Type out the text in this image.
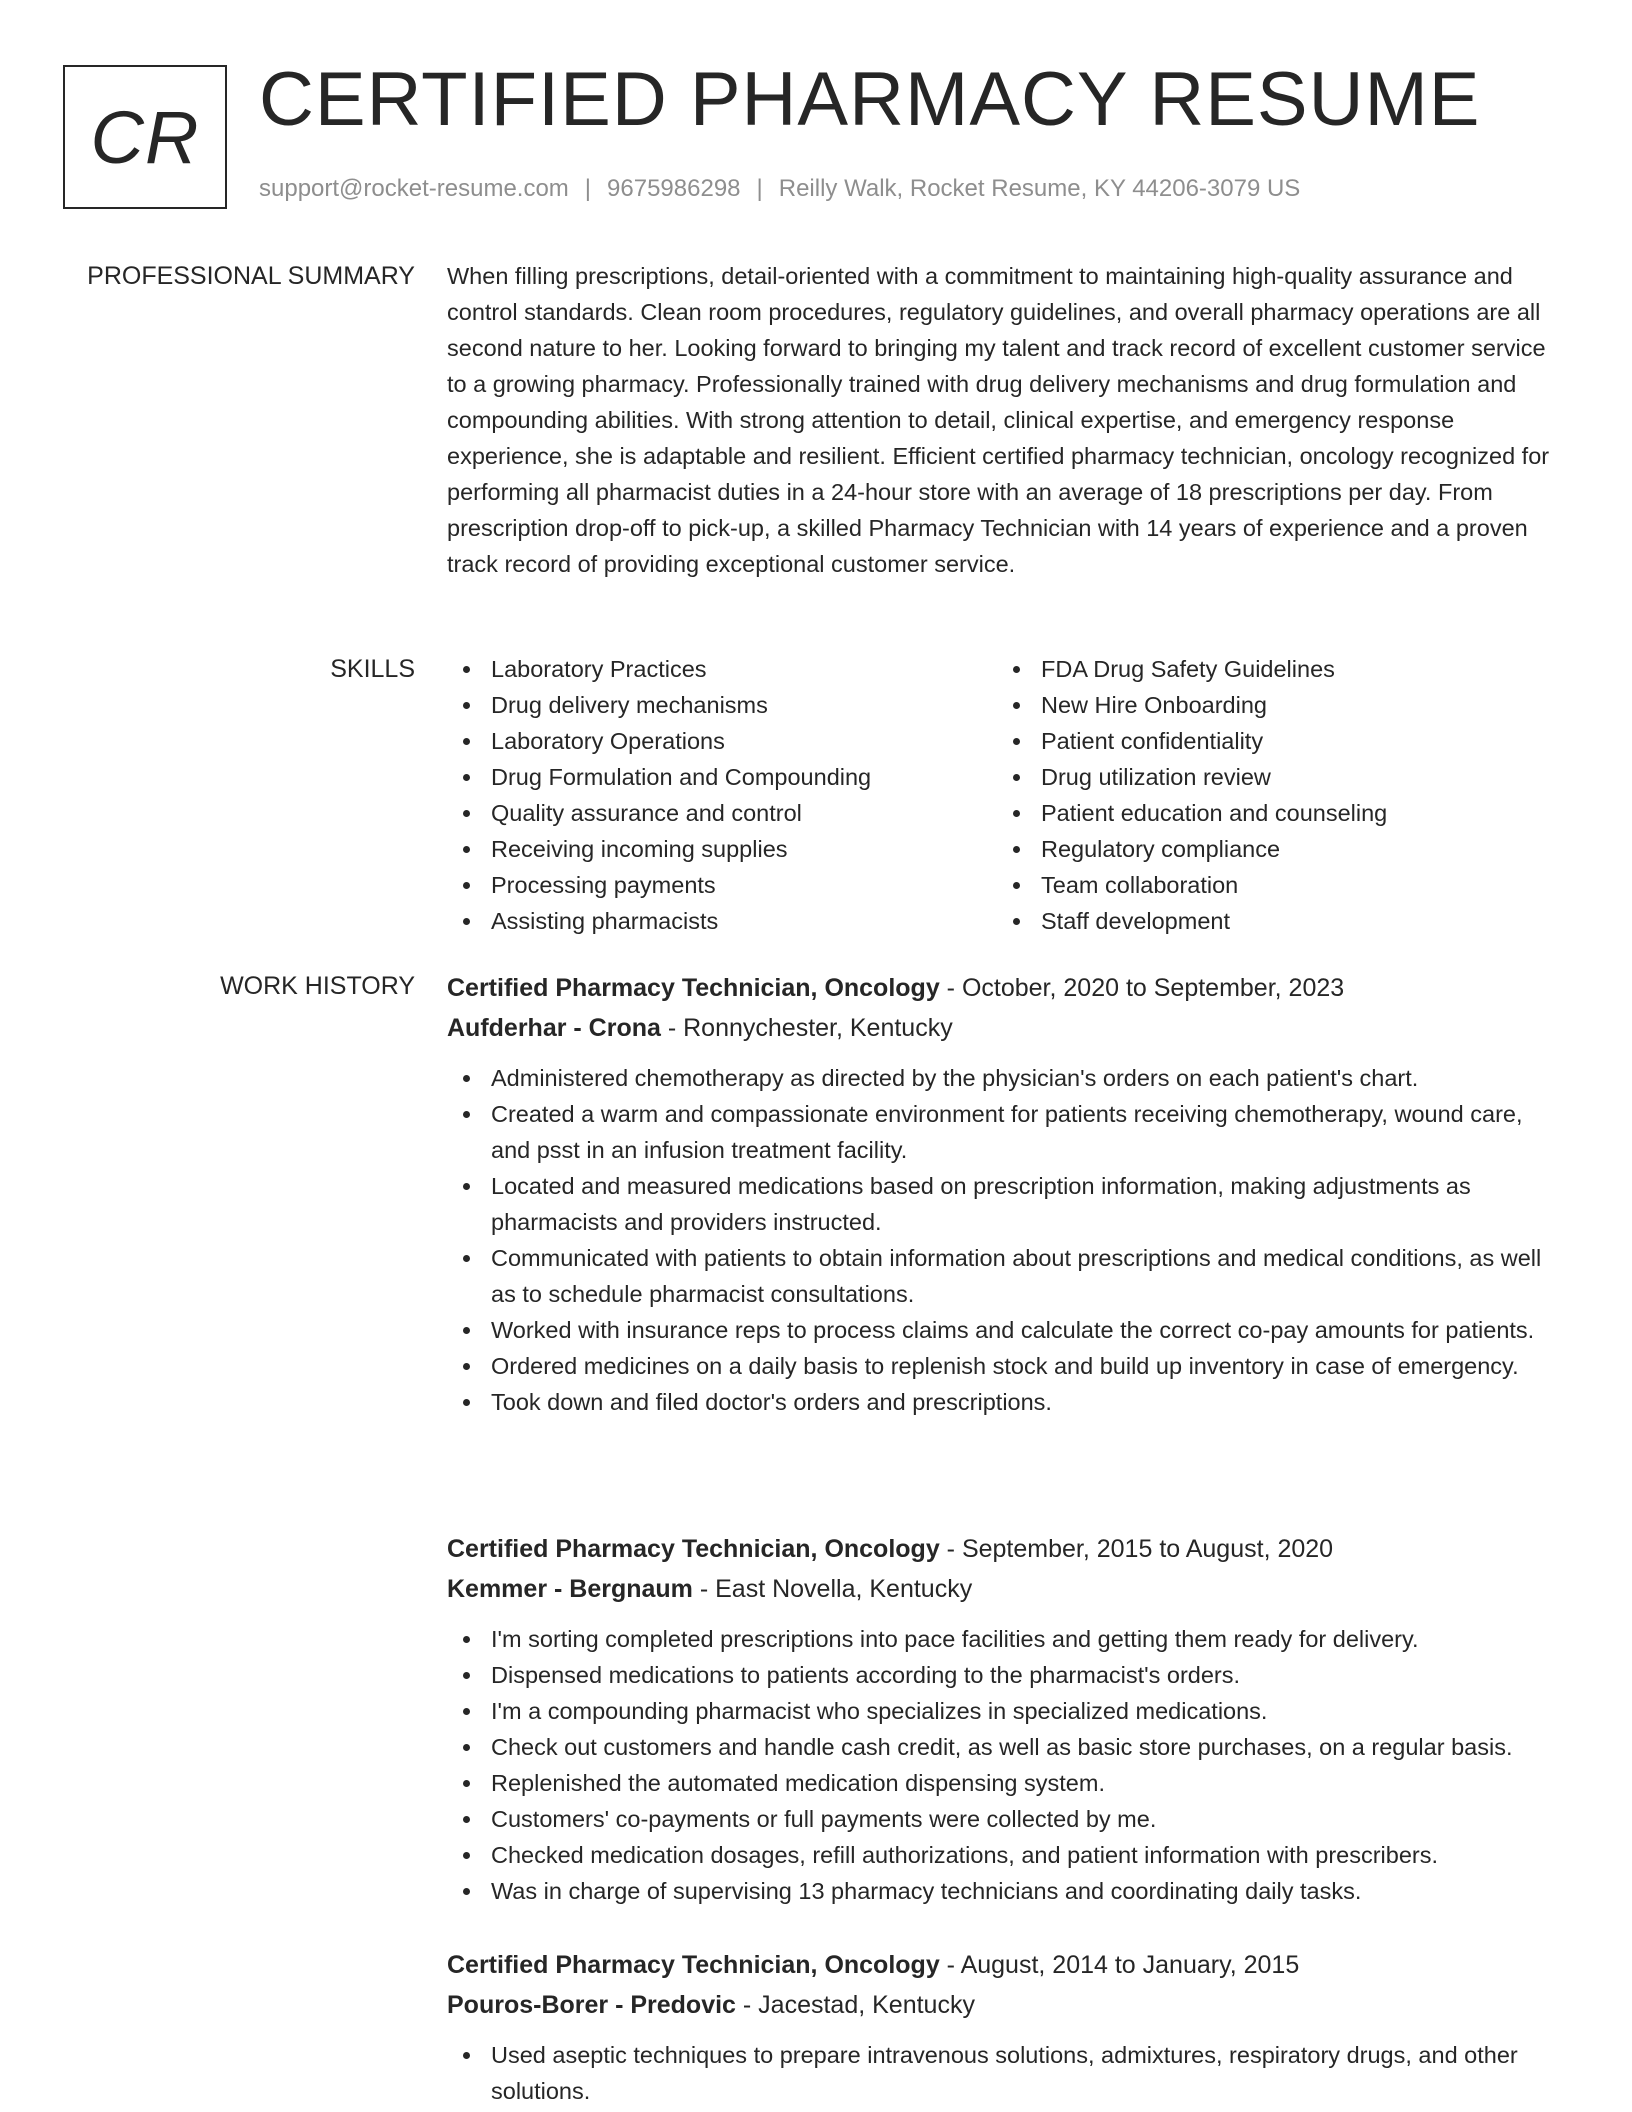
CR CERTIFIED PHARMACY RESUME
support@rocket-resume.com | 9675986298 | Reilly Walk, Rocket Resume, KY 44206-3079 US
PROFESSIONAL SUMMARY When filling prescriptions, detail-oriented with a commitment to maintaining high-quality assurance and control standards. Clean room procedures, regulatory guidelines, and overall pharmacy operations are all second nature to her. Looking forward to bringing my talent and track record of excellent customer service to a growing pharmacy. Professionally trained with drug delivery mechanisms and drug formulation and compounding abilities. With strong attention to detail, clinical expertise, and emergency response experience, she is adaptable and resilient. Efficient certified pharmacy technician, oncology recognized for performing all pharmacist duties in a 24-hour store with an average of 18 prescriptions per day. From prescription drop-off to pick-up, a skilled Pharmacy Technician with 14 years of experience and a proven track record of providing exceptional customer service.

SKILLS	Laboratory Practices
Drug delivery mechanisms
Laboratory Operations
Drug Formulation and Compounding
Quality assurance and control
Receiving incoming supplies
Processing payments
Assisting pharmacists
FDA Drug Safety Guidelines
New Hire Onboarding
Patient confidentiality
Drug utilization review
Patient education and counseling
Regulatory compliance
Team collaboration
Staff development
WORK HISTORY Certified Pharmacy Technician, Oncology - October, 2020 to September, 2023
Aufderhar - Crona - Ronnychester, Kentucky
Administered chemotherapy as directed by the physician's orders on each patient's chart.
Created a warm and compassionate environment for patients receiving chemotherapy, wound care, and psst in an infusion treatment facility.
Located and measured medications based on prescription information, making adjustments as pharmacists and providers instructed.
Communicated with patients to obtain information about prescriptions and medical conditions, as well as to schedule pharmacist consultations.
Worked with insurance reps to process claims and calculate the correct co-pay amounts for patients.
Ordered medicines on a daily basis to replenish stock and build up inventory in case of emergency.
Took down and filed doctor's orders and prescriptions.
Certified Pharmacy Technician, Oncology - September, 2015 to August, 2020
Kemmer - Bergnaum - East Novella, Kentucky
I'm sorting completed prescriptions into pace facilities and getting them ready for delivery.
Dispensed medications to patients according to the pharmacist's orders.
I'm a compounding pharmacist who specializes in specialized medications.
Check out customers and handle cash credit, as well as basic store purchases, on a regular basis.
Replenished the automated medication dispensing system.
Customers' co-payments or full payments were collected by me.
Checked medication dosages, refill authorizations, and patient information with prescribers.
Was in charge of supervising 13 pharmacy technicians and coordinating daily tasks.
Certified Pharmacy Technician, Oncology - August, 2014 to January, 2015
Pouros-Borer - Predovic - Jacestad, Kentucky
Used aseptic techniques to prepare intravenous solutions, admixtures, respiratory drugs, and other solutions.
